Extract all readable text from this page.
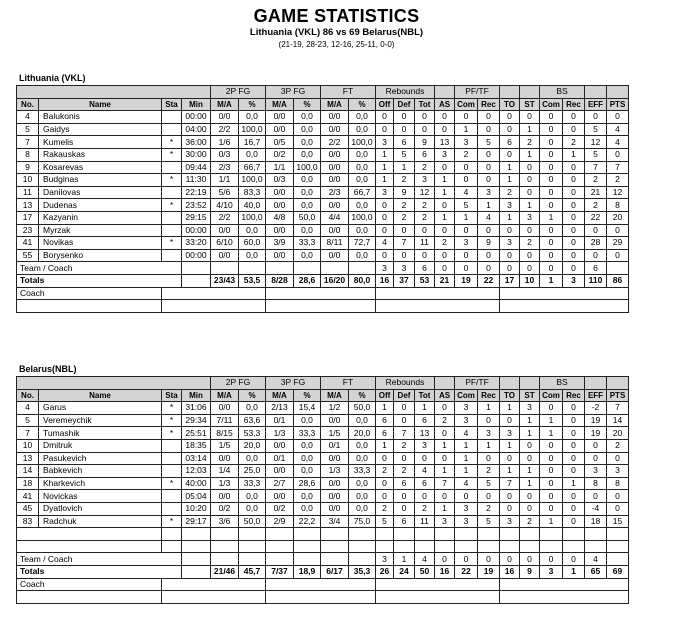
GAME STATISTICS
Lithuania (VKL) 86 vs 69 Belarus(NBL)
(21-19, 28-23, 12-16, 25-11, 0-0)
Lithuania (VKL)
				2P FG		3P FG		FT		Rebounds				PF/TF				BS			
No.	Name	Sta	Min	M/A	%	M/A	%	M/A	%	Off	Def	Tot	AS	Com	Rec	TO	ST	Com	Rec	EFF	PTS
4	Balukonis		00:00	0/0	0,0	0/0	0,0	0/0	0,0	0	0	0	0	0	0	0	0	0	0	0	0
5	Gaidys		04:00	2/2	100,0	0/0	0,0	0/0	0,0	0	0	0	0	1	0	0	1	0	0	5	4
7	Kumelis	*	36:00	1/6	16,7	0/5	0,0	2/2	100,0	3	6	9	13	3	5	6	2	0	2	12	4
8	Rakauskas	*	30:00	0/3	0,0	0/2	0,0	0/0	0,0	1	5	6	3	2	0	0	1	0	1	5	0
9	Kosarevas		09:44	2/3	66,7	1/1	100,0	0/0	0,0	1	1	2	0	0	0	1	0	0	0	7	7
10	Budginas	*	11:30	1/1	100,0	0/3	0,0	0/0	0,0	1	2	3	1	0	0	1	0	0	0	2	2
11	Danilovas		22:19	5/6	83,3	0/0	0,0	2/3	66,7	3	9	12	1	4	3	2	0	0	0	21	12
13	Dudenas	*	23:52	4/10	40,0	0/0	0,0	0/0	0,0	0	2	2	0	5	1	3	1	0	0	2	8
17	Kazyanin		29:15	2/2	100,0	4/8	50,0	4/4	100,0	0	2	2	1	1	4	1	3	1	0	22	20
23	Myrzak		00:00	0/0	0,0	0/0	0,0	0/0	0,0	0	0	0	0	0	0	0	0	0	0	0	0
41	Novikas	*	33:20	6/10	60,0	3/9	33,3	8/11	72,7	4	7	11	2	3	9	3	2	0	0	28	29
55	Borysenko		00:00	0/0	0,0	0/0	0,0	0/0	0,0	0	0	0	0	0	0	0	0	0	0	0	0
Team / Coach										3	3	6	0	0	0	0	0	0	0	6	
Totals				23/43	53,5	8/28	28,6	16/20	80,0	16	37	53	21	19	22	17	10	1	3	110	86
Coach																					

Belarus(NBL)
				2P FG		3P FG		FT		Rebounds				PF/TF				BS			
No.	Name	Sta	Min	M/A	%	M/A	%	M/A	%	Off	Def	Tot	AS	Com	Rec	TO	ST	Com	Rec	EFF	PTS
4	Garus	*	31:06	0/0	0,0	2/13	15,4	1/2	50,0	1	0	1	0	3	1	1	3	0	0	-2	7
5	Veremeychik	*	29:34	7/11	63,6	0/1	0,0	0/0	0,0	6	0	6	2	3	0	0	1	1	0	19	14
7	Tumashik	*	25:51	8/15	53,3	1/3	33,3	1/5	20,0	6	7	13	0	4	3	3	1	1	0	19	20
10	Dmitruk		18:35	1/5	20,0	0/0	0,0	0/1	0,0	1	2	3	1	1	1	1	0	0	0	0	2
13	Pasukevich		03:14	0/0	0,0	0/1	0,0	0/0	0,0	0	0	0	0	1	0	0	0	0	0	0	0
14	Babkevich		12:03	1/4	25,0	0/0	0,0	1/3	33,3	2	2	4	1	1	2	1	1	0	0	3	3
18	Kharkevich	*	40:00	1/3	33,3	2/7	28,6	0/0	0,0	0	6	6	7	4	5	7	1	0	1	8	8
41	Novickas		05:04	0/0	0,0	0/0	0,0	0/0	0,0	0	0	0	0	0	0	0	0	0	0	0	0
45	Dyatlovich		10:20	0/2	0,0	0/2	0,0	0/0	0,0	2	0	2	1	3	2	0	0	0	0	-4	0
83	Radchuk	*	29:17	3/6	50,0	2/9	22,2	3/4	75,0	5	6	11	3	3	5	3	2	1	0	18	15

Team / Coach										3	1	4	0	0	0	0	0	0	0	4	
Totals				21/46	45,7	7/37	18,9	6/17	35,3	26	24	50	16	22	19	16	9	3	1	65	69
Coach																					
